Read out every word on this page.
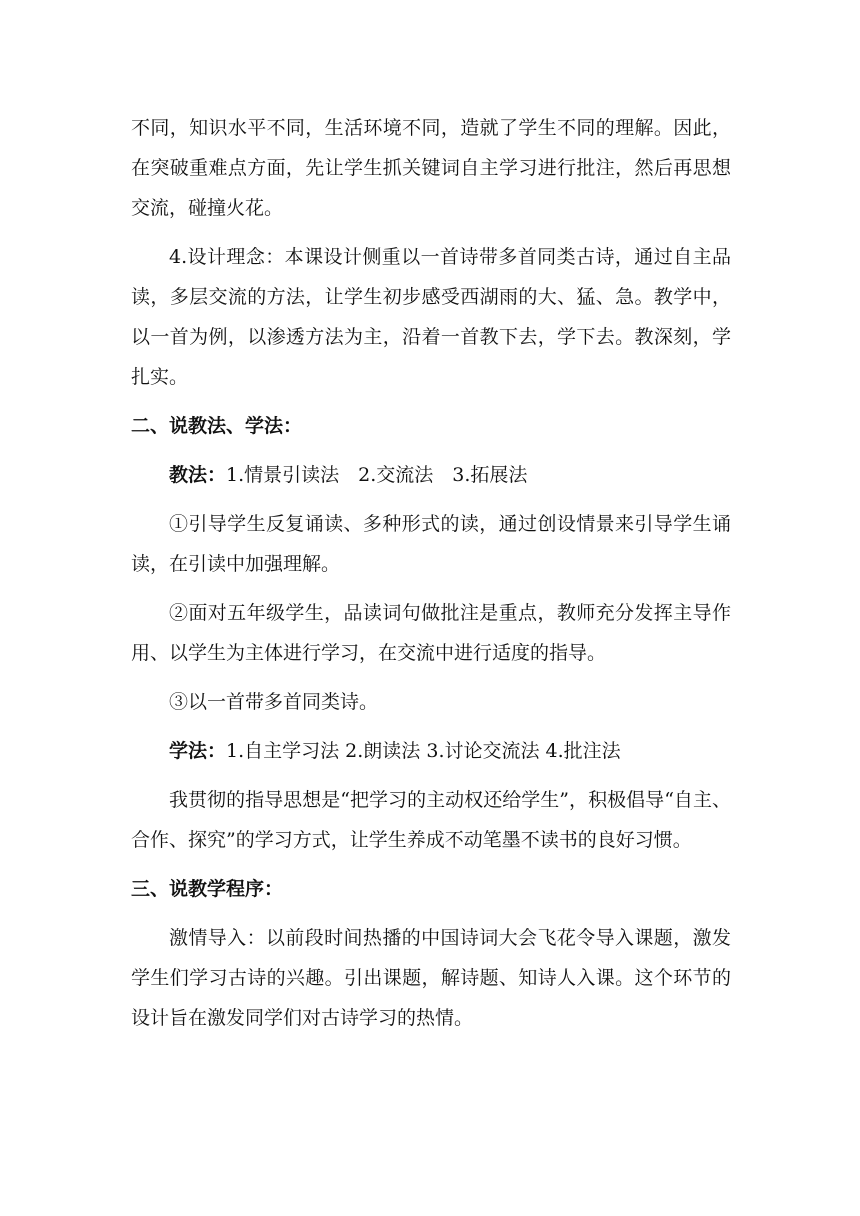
不同，知识水平不同，生活环境不同，造就了学生不同的理解。因此，在突破重难点方面，先让学生抓关键词自主学习进行批注，然后再思想交流，碰撞火花。

4.设计理念：本课设计侧重以一首诗带多首同类古诗，通过自主品读，多层交流的方法，让学生初步感受西湖雨的大、猛、急。教学中，以一首为例，以渗透方法为主，沿着一首教下去，学下去。教深刻，学扎实。

二、说教法、学法：

教法：1.情景引读法　2.交流法　3.拓展法

①引导学生反复诵读、多种形式的读，通过创设情景来引导学生诵读，在引读中加强理解。

②面对五年级学生，品读词句做批注是重点，教师充分发挥主导作用、以学生为主体进行学习，在交流中进行适度的指导。

③以一首带多首同类诗。

学法：1.自主学习法 2.朗读法 3.讨论交流法 4.批注法

我贯彻的指导思想是“把学习的主动权还给学生”，积极倡导“自主、合作、探究”的学习方式，让学生养成不动笔墨不读书的良好习惯。

三、说教学程序：

激情导入：以前段时间热播的中国诗词大会飞花令导入课题，激发学生们学习古诗的兴趣。引出课题，解诗题、知诗人入课。这个环节的设计旨在激发同学们对古诗学习的热情。
